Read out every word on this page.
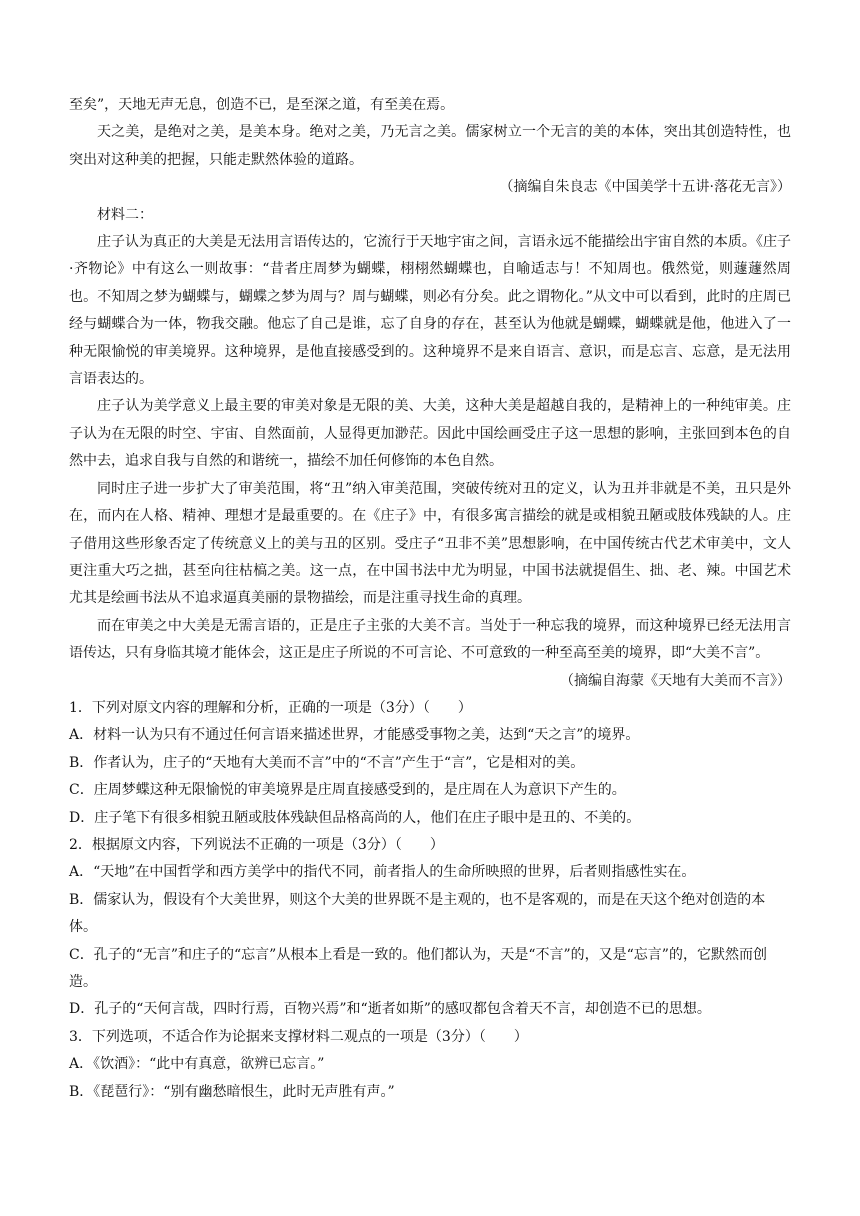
至矣”，天地无声无息，创造不已，是至深之道，有至美在焉。

天之美，是绝对之美，是美本身。绝对之美，乃无言之美。儒家树立一个无言的美的本体，突出其创造特性，也突出对这种美的把握，只能走默然体验的道路。

（摘编自朱良志《中国美学十五讲·落花无言》）

材料二：

庄子认为真正的大美是无法用言语传达的，它流行于天地宇宙之间，言语永远不能描绘出宇宙自然的本质。《庄子·齐物论》中有这么一则故事：“昔者庄周梦为蝴蝶，栩栩然蝴蝶也，自喻适志与！不知周也。俄然觉，则蘧蘧然周也。不知周之梦为蝴蝶与，蝴蝶之梦为周与？周与蝴蝶，则必有分矣。此之谓物化。”从文中可以看到，此时的庄周已经与蝴蝶合为一体，物我交融。他忘了自己是谁，忘了自身的存在，甚至认为他就是蝴蝶，蝴蝶就是他，他进入了一种无限愉悦的审美境界。这种境界，是他直接感受到的。这种境界不是来自语言、意识，而是忘言、忘意，是无法用言语表达的。

庄子认为美学意义上最主要的审美对象是无限的美、大美，这种大美是超越自我的，是精神上的一种纯审美。庄子认为在无限的时空、宇宙、自然面前，人显得更加渺茫。因此中国绘画受庄子这一思想的影响，主张回到本色的自然中去，追求自我与自然的和谐统一，描绘不加任何修饰的本色自然。

同时庄子进一步扩大了审美范围，将“丑”纳入审美范围，突破传统对丑的定义，认为丑并非就是不美，丑只是外在，而内在人格、精神、理想才是最重要的。在《庄子》中，有很多寓言描绘的就是或相貌丑陋或肢体残缺的人。庄子借用这些形象否定了传统意义上的美与丑的区别。受庄子“丑非不美”思想影响，在中国传统古代艺术审美中，文人更注重大巧之拙，甚至向往枯槁之美。这一点，在中国书法中尤为明显，中国书法就提倡生、拙、老、辣。中国艺术尤其是绘画书法从不追求逼真美丽的景物描绘，而是注重寻找生命的真理。

而在审美之中大美是无需言语的，正是庄子主张的大美不言。当处于一种忘我的境界，而这种境界已经无法用言语传达，只有身临其境才能体会，这正是庄子所说的不可言论、不可意致的一种至高至美的境界，即“大美不言”。

（摘编自海蒙《天地有大美而不言》）

1．下列对原文内容的理解和分析，正确的一项是（3分）（　　）

A．材料一认为只有不通过任何言语来描述世界，才能感受事物之美，达到“天之言”的境界。

B．作者认为，庄子的“天地有大美而不言”中的“不言”产生于“言”，它是相对的美。

C．庄周梦蝶这种无限愉悦的审美境界是庄周直接感受到的，是庄周在人为意识下产生的。

D．庄子笔下有很多相貌丑陋或肢体残缺但品格高尚的人，他们在庄子眼中是丑的、不美的。

2．根据原文内容，下列说法不正确的一项是（3分）（　　）

A．“天地”在中国哲学和西方美学中的指代不同，前者指人的生命所映照的世界，后者则指感性实在。

B．儒家认为，假设有个大美世界，则这个大美的世界既不是主观的，也不是客观的，而是在天这个绝对创造的本体。

C．孔子的“无言”和庄子的“忘言”从根本上看是一致的。他们都认为，天是“不言”的，又是“忘言”的，它默然而创造。

D．孔子的“天何言哉，四时行焉，百物兴焉”和“逝者如斯”的感叹都包含着天不言，却创造不已的思想。

3．下列选项，不适合作为论据来支撑材料二观点的一项是（3分）（　　）

A．《饮酒》：“此中有真意，欲辨已忘言。”

B．《琵琶行》：“别有幽愁暗恨生，此时无声胜有声。”
